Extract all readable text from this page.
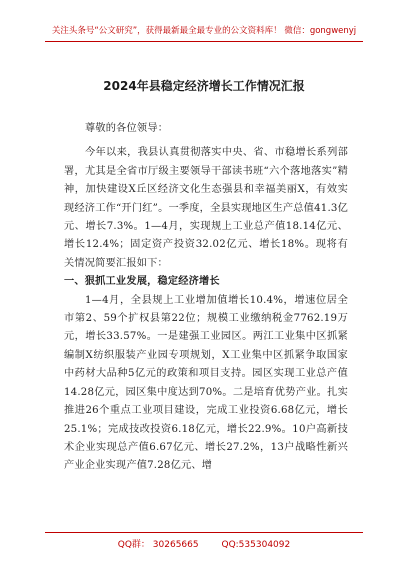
关注头条号“公文研究”，获得最新最全最专业的公文资料库！ 微信：gongwenyj
2024年县稳定经济增长工作情况汇报

尊敬的各位领导：

今年以来，我县认真贯彻落实中央、省、市稳增长系列部署，尤其是全省市厅级主要领导干部读书班“六个落地落实”精神，加快建设X丘区经济文化生态强县和幸福美丽X，有效实现经济工作“开门红”。一季度，全县实现地区生产总值41.3亿元、增长7.3%。1—4月，实现规上工业总产值18.14亿元、增长12.4%；固定资产投资32.02亿元、增长18%。现将有关情况简要汇报如下：

一、狠抓工业发展，稳定经济增长

1—4月，全县规上工业增加值增长10.4%，增速位居全市第2、59个扩权县第22位；规模工业缴纳税金7762.19万元，增长33.57%。一是建强工业园区。两江工业集中区抓紧编制X纺织服装产业园专项规划，X工业集中区抓紧争取国家中药材大品种5亿元的政策和项目支持。园区实现工业总产值14.28亿元，园区集中度达到70%。二是培育优势产业。扎实推进26个重点工业项目建设，完成工业投资6.68亿元，增长25.1%；完成技改投资6.18亿元，增长22.9%。10户高新技术企业实现总产值6.67亿元、增长27.2%，13户战略性新兴产业企业实现产值7.28亿元、增

QQ群： 30265665	QQ:535304092
